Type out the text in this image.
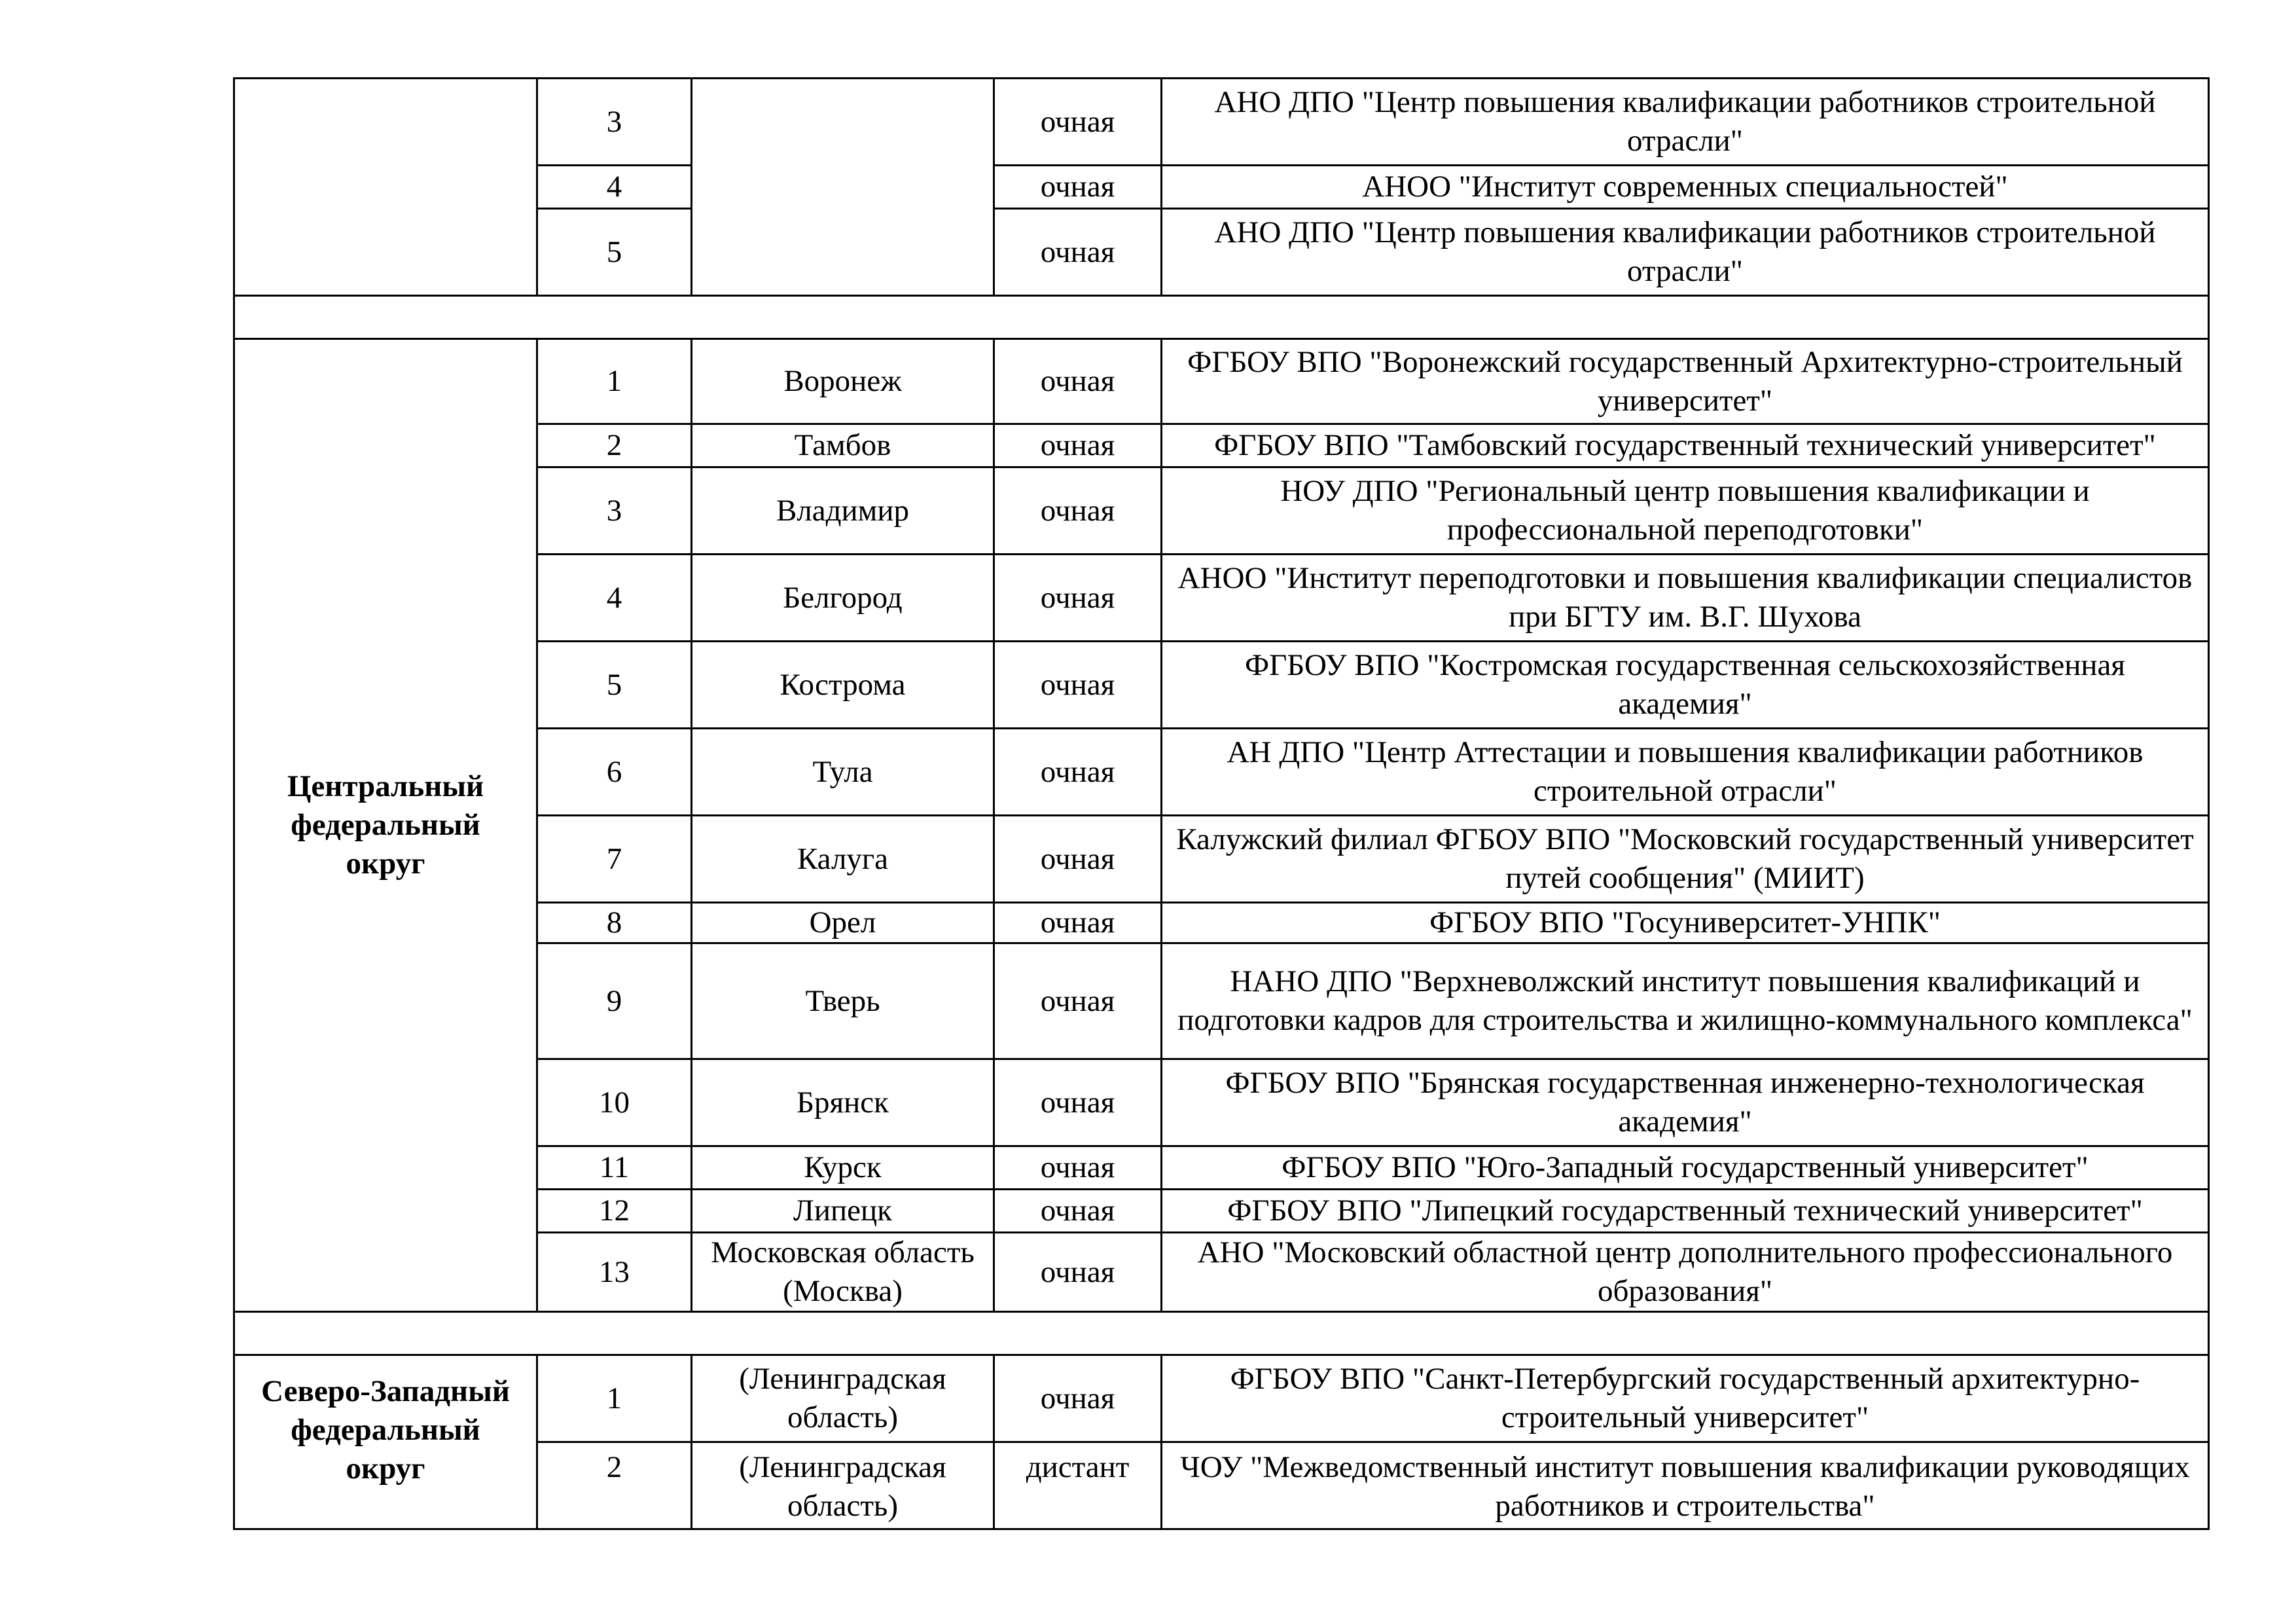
	3		очная	АНО ДПО "Центр повышения квалификации работников строительной отрасли"
	4		очная	АНОО "Институт современных специальностей"
	5		очная	АНО ДПО "Центр повышения квалификации работников строительной отрасли"

Центральный федеральный округ	1	Воронеж	очная	ФГБОУ ВПО "Воронежский государственный Архитектурно-строительный университет"
	2	Тамбов	очная	ФГБОУ ВПО "Тамбовский государственный технический университет"
	3	Владимир	очная	НОУ ДПО "Региональный центр повышения квалификации и профессиональной переподготовки"
	4	Белгород	очная	АНОО "Институт переподготовки и повышения квалификации специалистов при БГТУ им. В.Г. Шухова
	5	Кострома	очная	ФГБОУ ВПО "Костромская государственная сельскохозяйственная академия"
	6	Тула	очная	АН ДПО "Центр Аттестации и повышения квалификации работников строительной отрасли"
	7	Калуга	очная	Калужский филиал ФГБОУ ВПО "Московский государственный университет путей сообщения" (МИИТ)
	8	Орел	очная	ФГБОУ ВПО "Госуниверситет-УНПК"
	9	Тверь	очная	НАНО ДПО "Верхневолжский институт повышения квалификаций и подготовки кадров для строительства и жилищно-коммунального комплекса"
	10	Брянск	очная	ФГБОУ ВПО "Брянская государственная инженерно-технологическая академия"
	11	Курск	очная	ФГБОУ ВПО "Юго-Западный государственный университет"
	12	Липецк	очная	ФГБОУ ВПО "Липецкий государственный технический университет"
	13	Московская область (Москва)	очная	АНО "Московский областной центр дополнительного профессионального образования"

Северо-Западный федеральный округ	1	(Ленинградская область)	очная	ФГБОУ ВПО "Санкт-Петербургский государственный архитектурно-строительный университет"
	2	(Ленинградская область)	дистант	ЧОУ "Межведомственный институт повышения квалификации руководящих работников и строительства"
